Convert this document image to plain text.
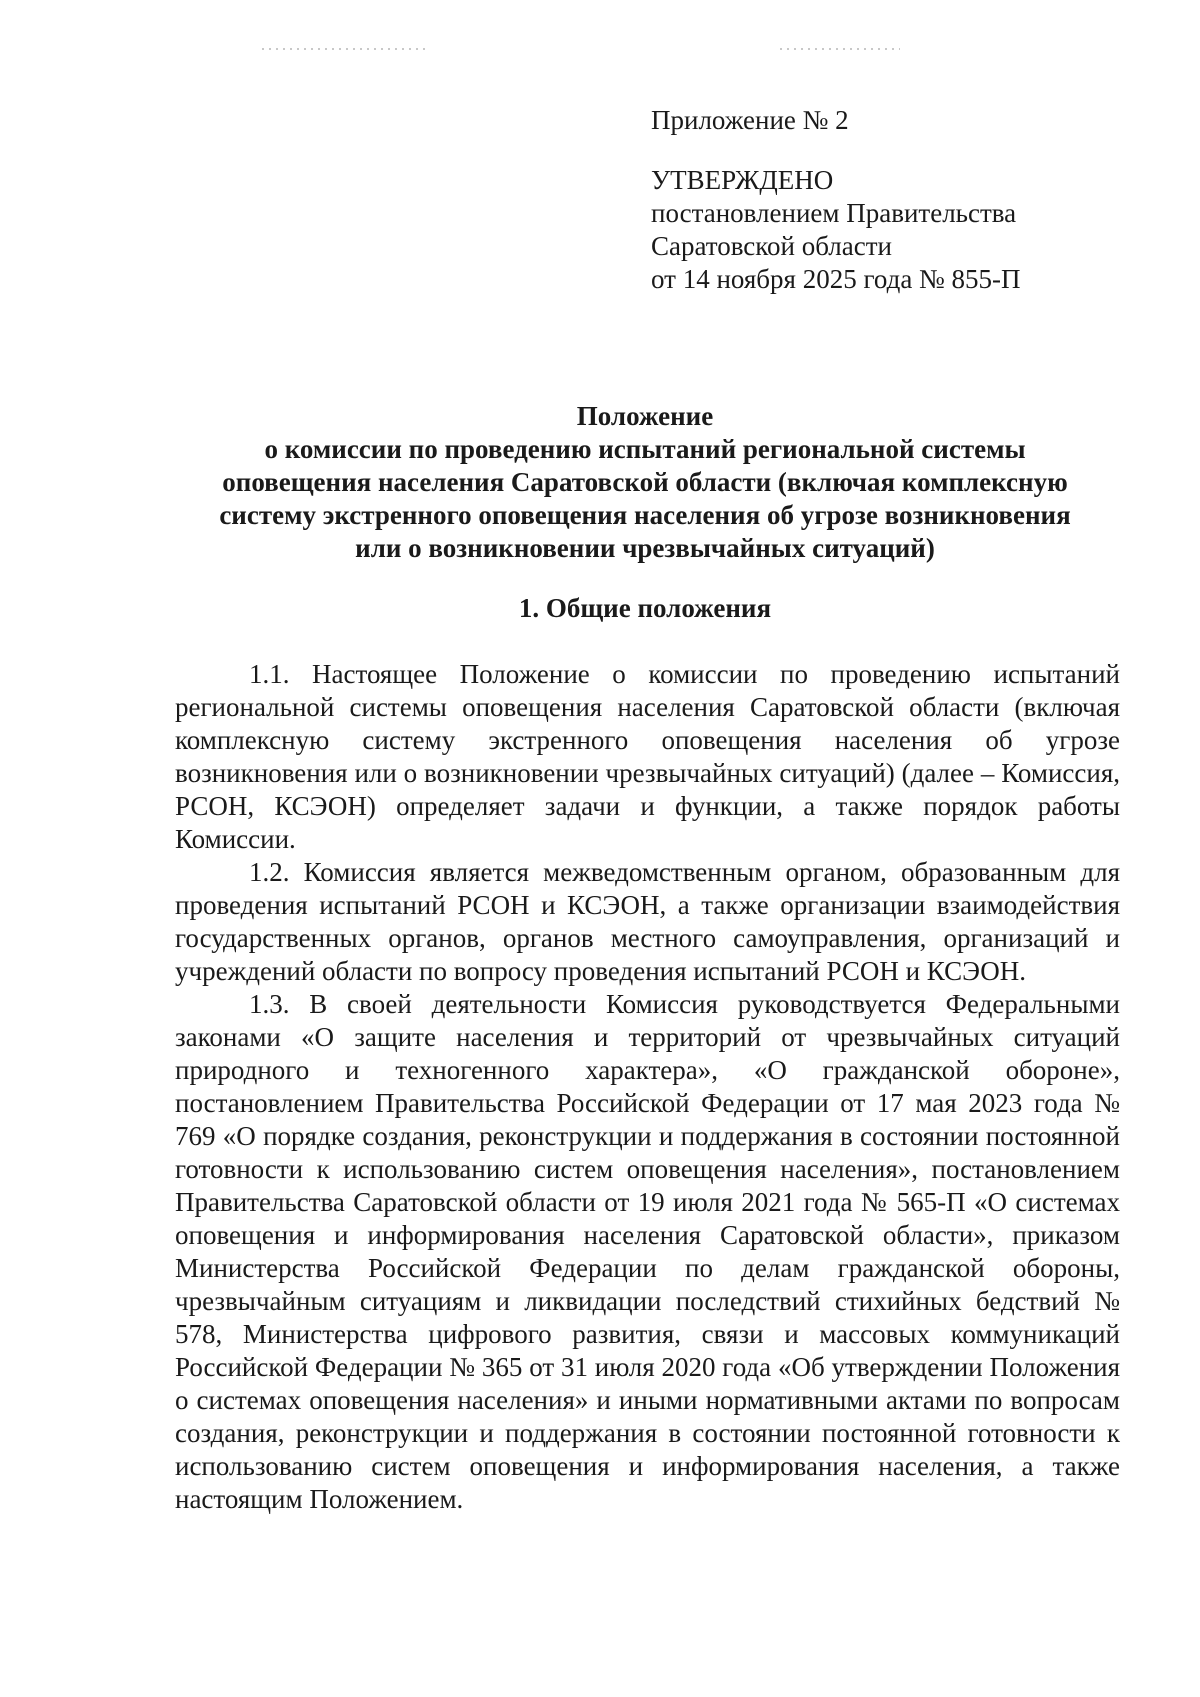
Приложение № 2
УТВЕРЖДЕНО
постановлением Правительства
Саратовской области
от 14 ноября 2025 года № 855-П
Положение
о комиссии по проведению испытаний региональной системы
оповещения населения Саратовской области (включая комплексную
систему экстренного оповещения населения об угрозе возникновения
или о возникновении чрезвычайных ситуаций)
1. Общие положения

1.1. Настоящее Положение о комиссии по проведению испытаний региональной системы оповещения населения Саратовской области (включая комплексную систему экстренного оповещения населения об угрозе возникновения или о возникновении чрезвычайных ситуаций) (далее – Комиссия, РСОН, КСЭОН) определяет задачи и функции, а также порядок работы Комиссии.

1.2. Комиссия является межведомственным органом, образованным для проведения испытаний РСОН и КСЭОН, а также организации взаимодействия государственных органов, органов местного самоуправления, организаций и учреждений области по вопросу проведения испытаний РСОН и КСЭОН.

1.3. В своей деятельности Комиссия руководствуется Федеральными законами «О защите населения и территорий от чрезвычайных ситуаций природного и техногенного характера», «О гражданской обороне», постановлением Правительства Российской Федерации от 17 мая 2023 года № 769 «О порядке создания, реконструкции и поддержания в состоянии постоянной готовности к использованию систем оповещения населения», постановлением Правительства Саратовской области от 19 июля 2021 года № 565-П «О системах оповещения и информирования населения Саратовской области», приказом Министерства Российской Федерации по делам гражданской обороны, чрезвычайным ситуациям и ликвидации последствий стихийных бедствий № 578, Министерства цифрового развития, связи и массовых коммуникаций Российской Федерации № 365 от 31 июля 2020 года «Об утверждении Положения о системах оповещения населения» и иными нормативными актами по вопросам создания, реконструкции и поддержания в состоянии постоянной готовности к использованию систем оповещения и информирования населения, а также настоящим Положением.
